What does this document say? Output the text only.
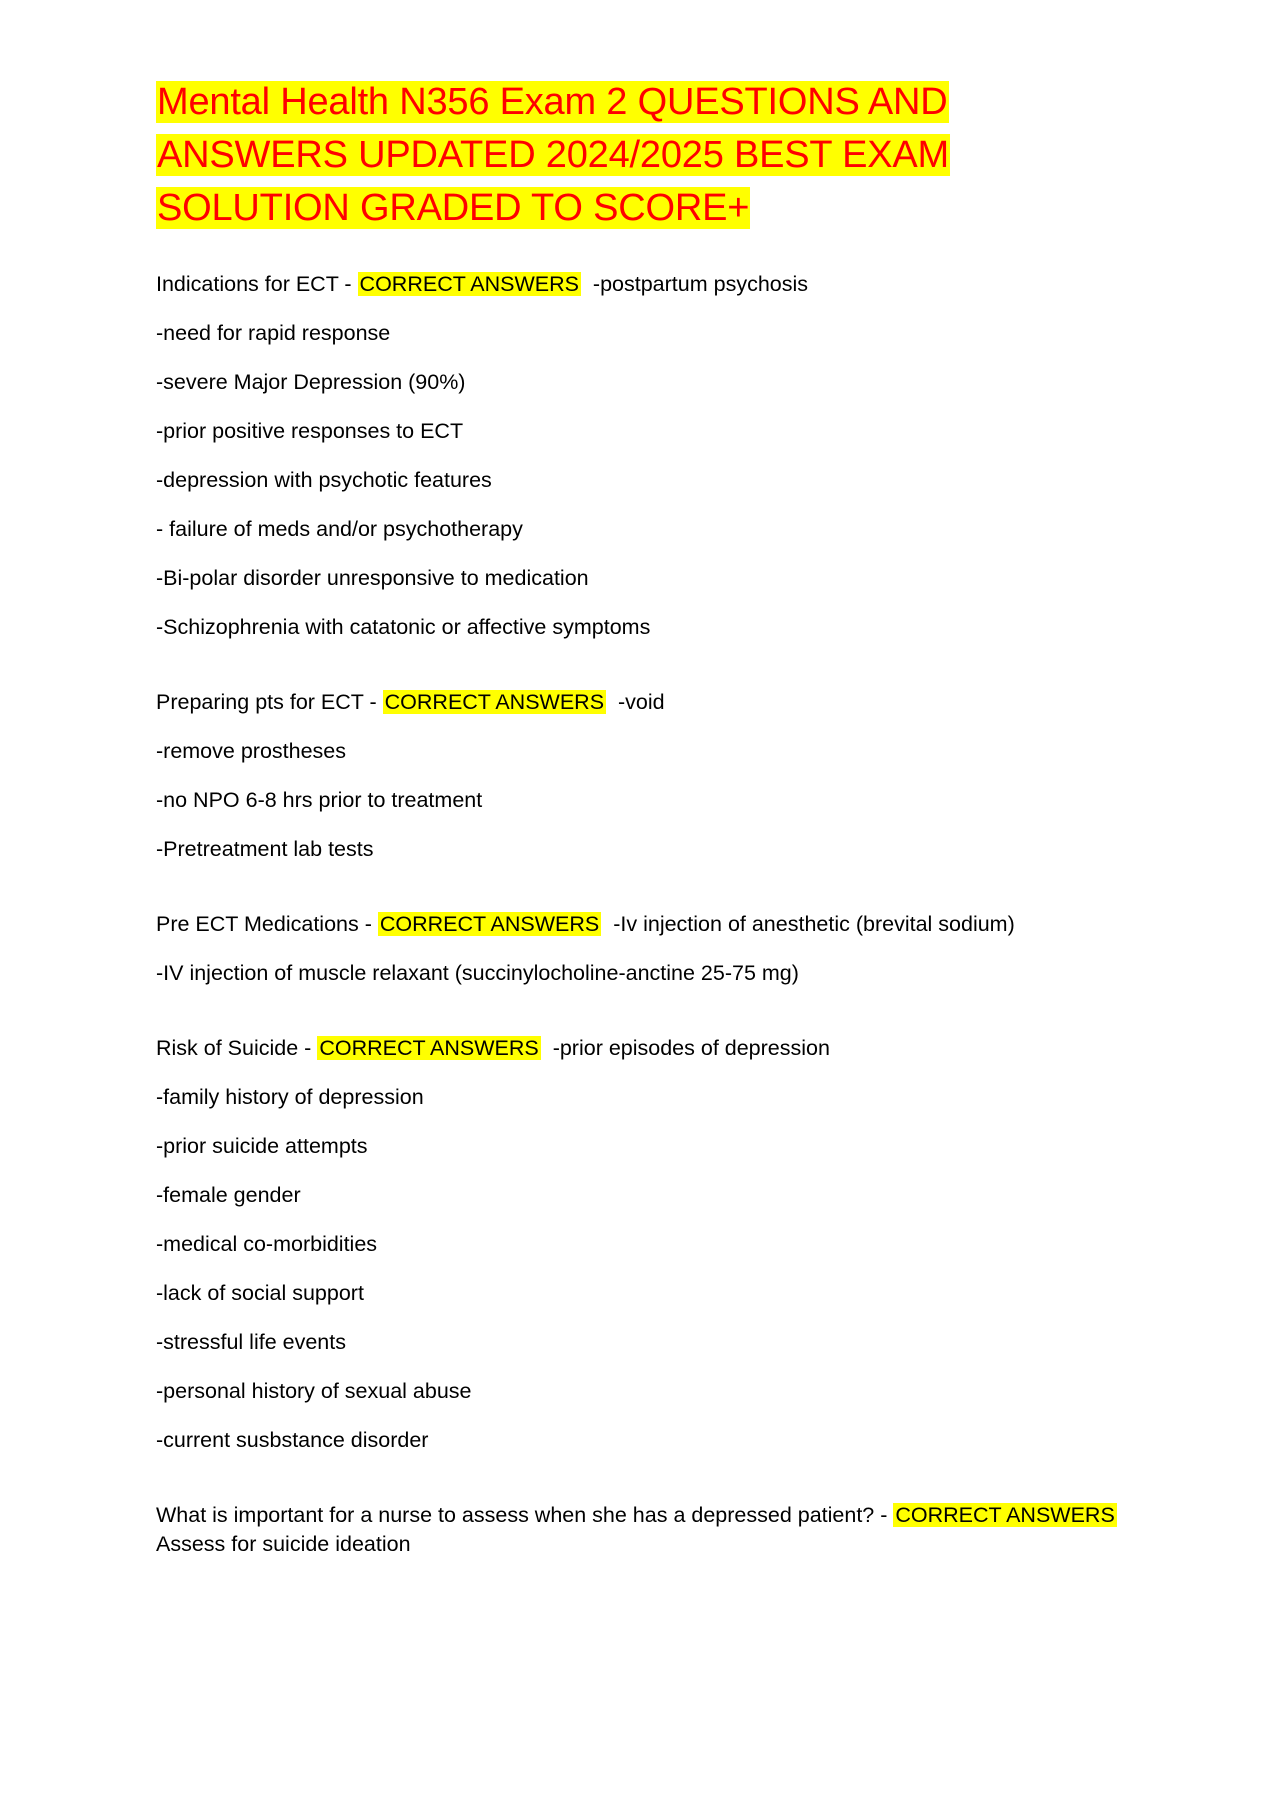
Mental Health N356 Exam 2 QUESTIONS AND ANSWERS UPDATED 2024/2025 BEST EXAM SOLUTION GRADED TO SCORE+
Indications for ECT - CORRECT ANSWERS -postpartum psychosis
-need for rapid response
-severe Major Depression (90%)
-prior positive responses to ECT
-depression with psychotic features
- failure of meds and/or psychotherapy
-Bi-polar disorder unresponsive to medication
-Schizophrenia with catatonic or affective symptoms
Preparing pts for ECT - CORRECT ANSWERS -void
-remove prostheses
-no NPO 6-8 hrs prior to treatment
-Pretreatment lab tests
Pre ECT Medications - CORRECT ANSWERS -Iv injection of anesthetic (brevital sodium)
-IV injection of muscle relaxant (succinylocholine-anctine 25-75 mg)
Risk of Suicide - CORRECT ANSWERS -prior episodes of depression
-family history of depression
-prior suicide attempts
-female gender
-medical co-morbidities
-lack of social support
-stressful life events
-personal history of sexual abuse
-current susbstance disorder
What is important for a nurse to assess when she has a depressed patient? - CORRECT ANSWERS
Assess for suicide ideation
